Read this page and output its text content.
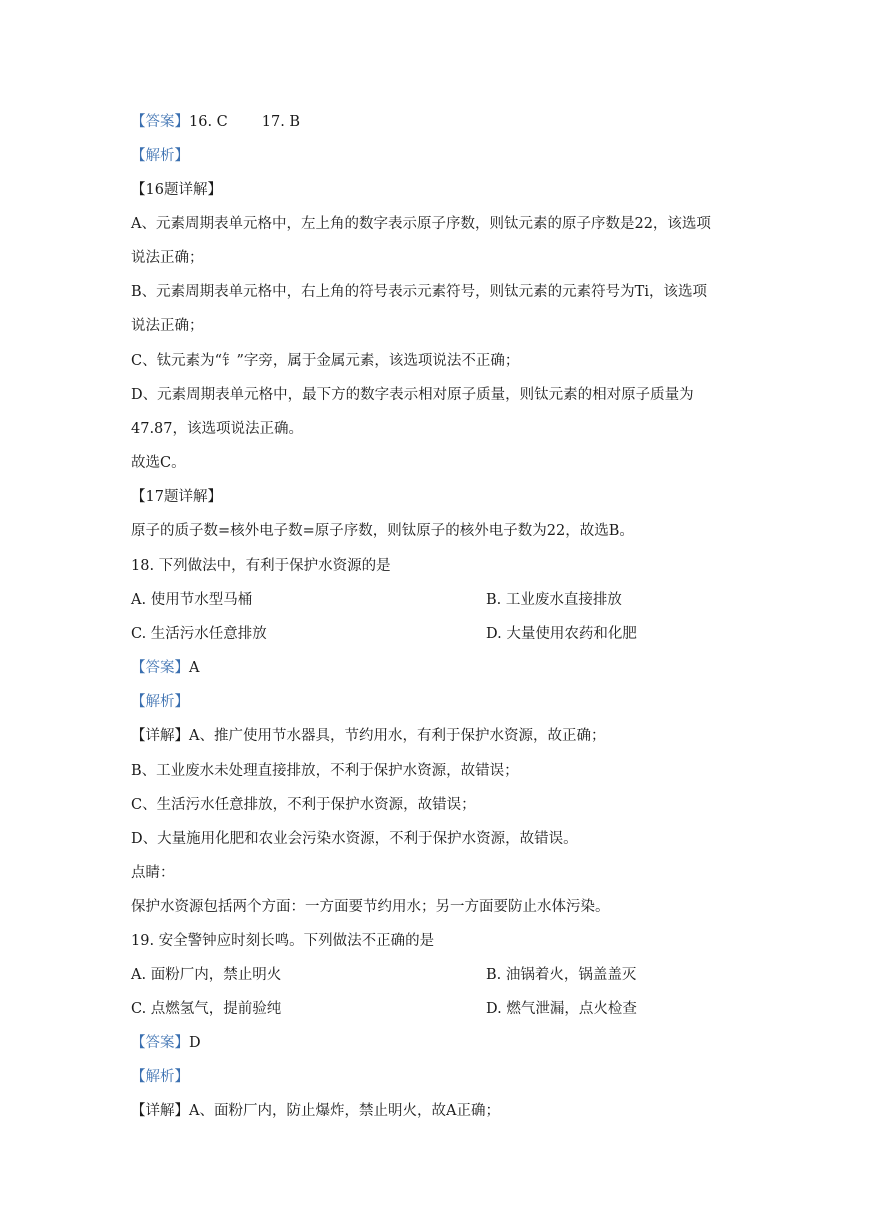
【答案】16. C 17. B
【解析】
【16题详解】
A、元素周期表单元格中，左上角的数字表示原子序数，则钛元素的原子序数是22，该选项
说法正确；
B、元素周期表单元格中，右上角的符号表示元素符号，则钛元素的元素符号为Ti，该选项
说法正确；
C、钛元素为“钅”字旁，属于金属元素，该选项说法不正确；
D、元素周期表单元格中，最下方的数字表示相对原子质量，则钛元素的相对原子质量为
47.87，该选项说法正确。
故选C。
【17题详解】
原子的质子数=核外电子数=原子序数，则钛原子的核外电子数为22，故选B。
18. 下列做法中，有利于保护水资源的是
A. 使用节水型马桶	B. 工业废水直接排放
C. 生活污水任意排放	D. 大量使用农药和化肥
【答案】A
【解析】
【详解】A、推广使用节水器具，节约用水，有利于保护水资源，故正确；
B、工业废水未处理直接排放，不利于保护水资源，故错误；
C、生活污水任意排放，不利于保护水资源，故错误；
D、大量施用化肥和农业会污染水资源，不利于保护水资源，故错误。
点睛：
保护水资源包括两个方面：一方面要节约用水；另一方面要防止水体污染。
19. 安全警钟应时刻长鸣。下列做法不正确的是
A. 面粉厂内，禁止明火	B. 油锅着火，锅盖盖灭
C. 点燃氢气，提前验纯	D. 燃气泄漏，点火检查
【答案】D
【解析】
【详解】A、面粉厂内，防止爆炸，禁止明火，故A正确；
